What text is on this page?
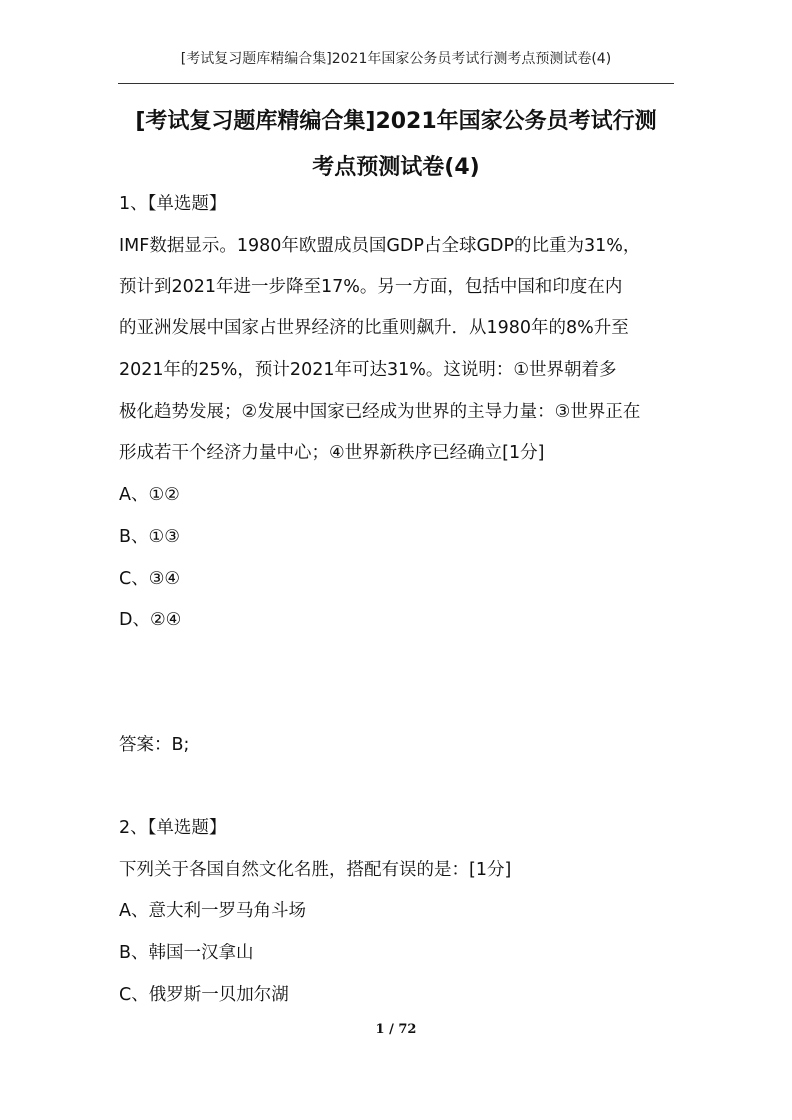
[考试复习题库精编合集]2021年国家公务员考试行测考点预测试卷(4)
[考试复习题库精编合集]2021年国家公务员考试行测
考点预测试卷(4)
1、【单选题】
IMF数据显示。1980年欧盟成员国GDP占全球GDP的比重为31%，
预计到2021年进一步降至17%。另一方面，包括中国和印度在内
的亚洲发展中国家占世界经济的比重则飙升．从1980年的8%升至
2021年的25%，预计2021年可达31%。这说明：①世界朝着多
极化趋势发展；②发展中国家已经成为世界的主导力量：③世界正在
形成若干个经济力量中心；④世界新秩序已经确立[1分]
A、①②
B、①③
C、③④
D、②④
答案：B;
2、【单选题】
下列关于各国自然文化名胜，搭配有误的是：[1分]
A、意大利一罗马角斗场
B、韩国一汉拿山
C、俄罗斯一贝加尔湖
1 / 72
